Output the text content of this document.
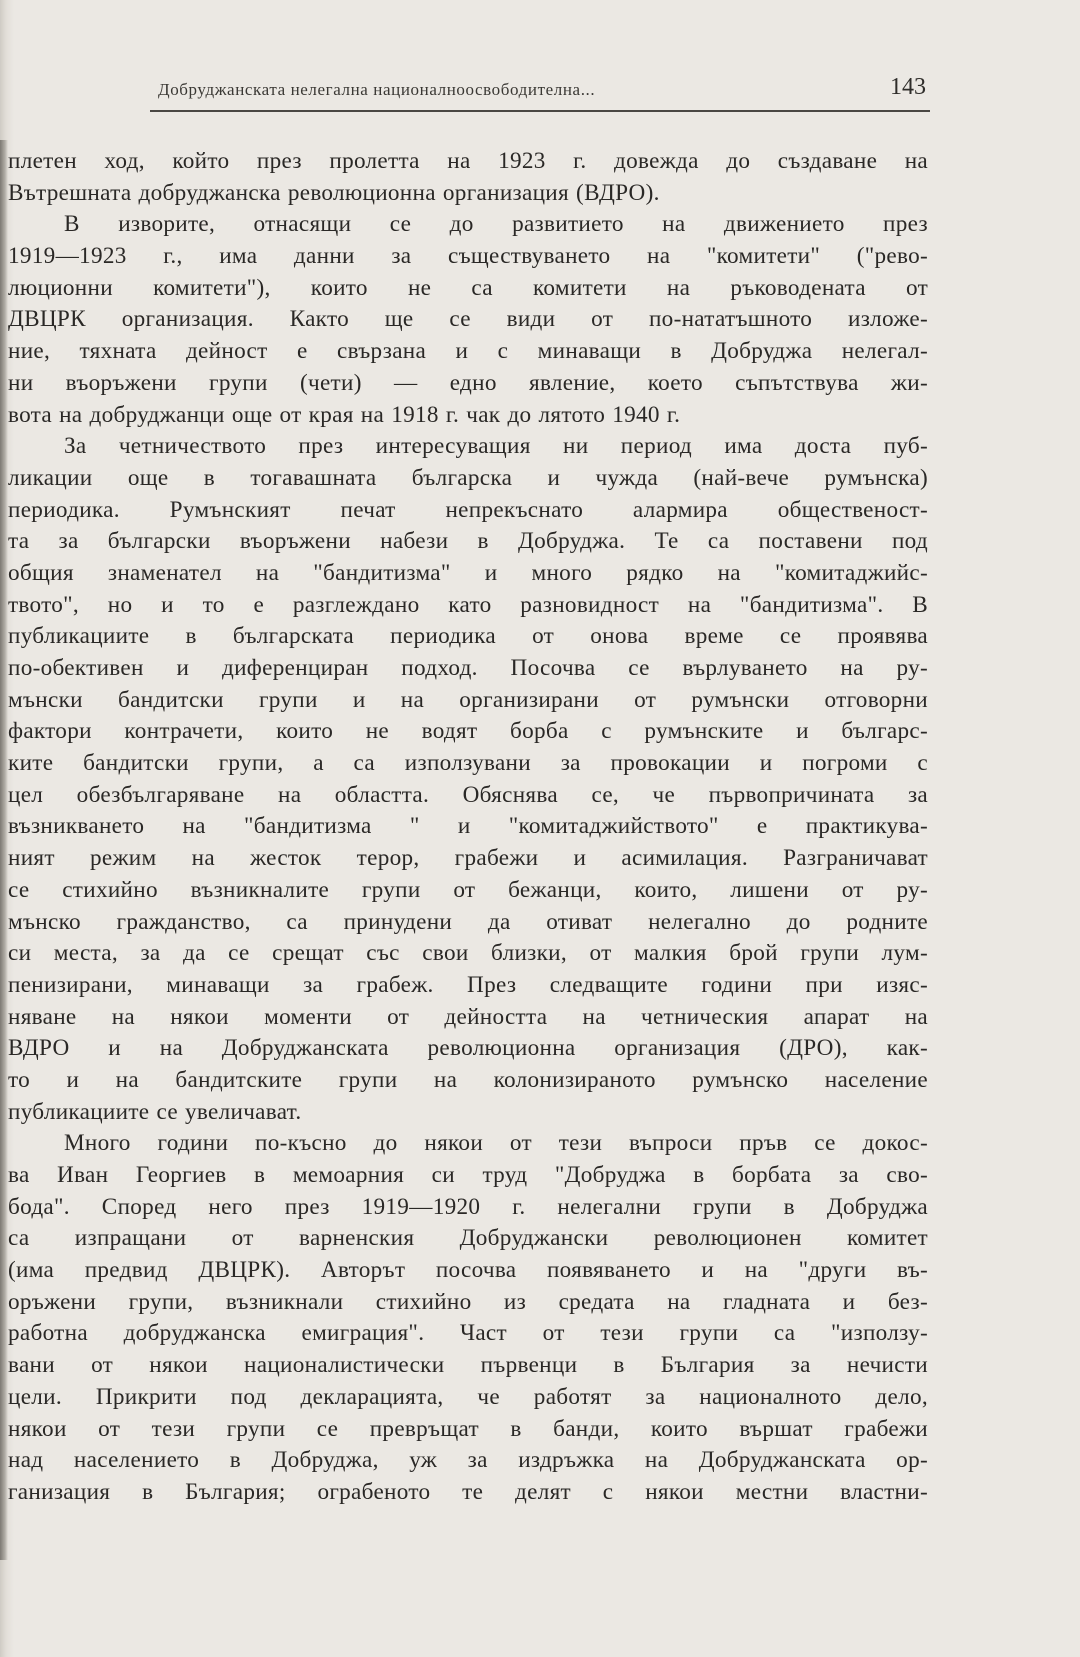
Добруджанската нелегална националноосвободителна...	143
плетен ход, който през пролетта на 1923 г. довежда до създаване на
Вътрешната добруджанска революционна организация (ВДРО).
В изворите, отнасящи се до развитието на движението през
1919—1923 г., има данни за съществуването на "комитети" ("рево-
люционни комитети"), които не са комитети на ръководената от
ДВЦРК организация. Както ще се види от по-нататъшното изложе-
ние, тяхната дейност е свързана и с минаващи в Добруджа нелегал-
ни въоръжени групи (чети) — едно явление, което съпътствува жи-
вота на добруджанци още от края на 1918 г. чак до лятото 1940 г.
За четничеството през интересуващия ни период има доста пуб-
ликации още в тогавашната българска и чужда (най-вече румънска)
периодика. Румънският печат непрекъснато алармира общественост-
та за български въоръжени набези в Добруджа. Те са поставени под
общия знаменател на "бандитизма" и много рядко на "комитаджийс-
твото", но и то е разглеждано като разновидност на "бандитизма". В
публикациите в българската периодика от онова време се проявява
по-обективен и диференциран подход. Посочва се върлуването на ру-
мънски бандитски групи и на организирани от румънски отговорни
фактори контрачети, които не водят борба с румънските и българс-
ките бандитски групи, а са използувани за провокации и погроми с
цел обезбългаряване на областта. Обяснява се, че първопричината за
възникването на "бандитизма " и "комитаджийството" е практикува-
ният режим на жесток терор, грабежи и асимилация. Разграничават
се стихийно възникналите групи от бежанци, които, лишени от ру-
мънско гражданство, са принудени да отиват нелегално до родните
си места, за да се срещат със свои близки, от малкия брой групи лум-
пенизирани, минаващи за грабеж. През следващите години при изяс-
няване на някои моменти от дейността на четническия апарат на
ВДРО и на Добруджанската революционна организация (ДРО), как-
то и на бандитските групи на колонизираното румънско население
публикациите се увеличават.
Много години по-късно до някои от тези въпроси пръв се докос-
ва Иван Георгиев в мемоарния си труд "Добруджа в борбата за сво-
бода". Според него през 1919—1920 г. нелегални групи в Добруджа
са изпращани от варненския Добруджански революционен комитет
(има предвид ДВЦРК). Авторът посочва появяването и на "други въ-
оръжени групи, възникнали стихийно из средата на гладната и без-
работна добруджанска емиграция". Част от тези групи са "използу-
вани от някои националистически първенци в България за нечисти
цели. Прикрити под декларацията, че работят за националното дело,
някои от тези групи се превръщат в банди, които вършат грабежи
над населението в Добруджа, уж за издръжка на Добруджанската ор-
ганизация в България; ограбеното те делят с някои местни властни-
